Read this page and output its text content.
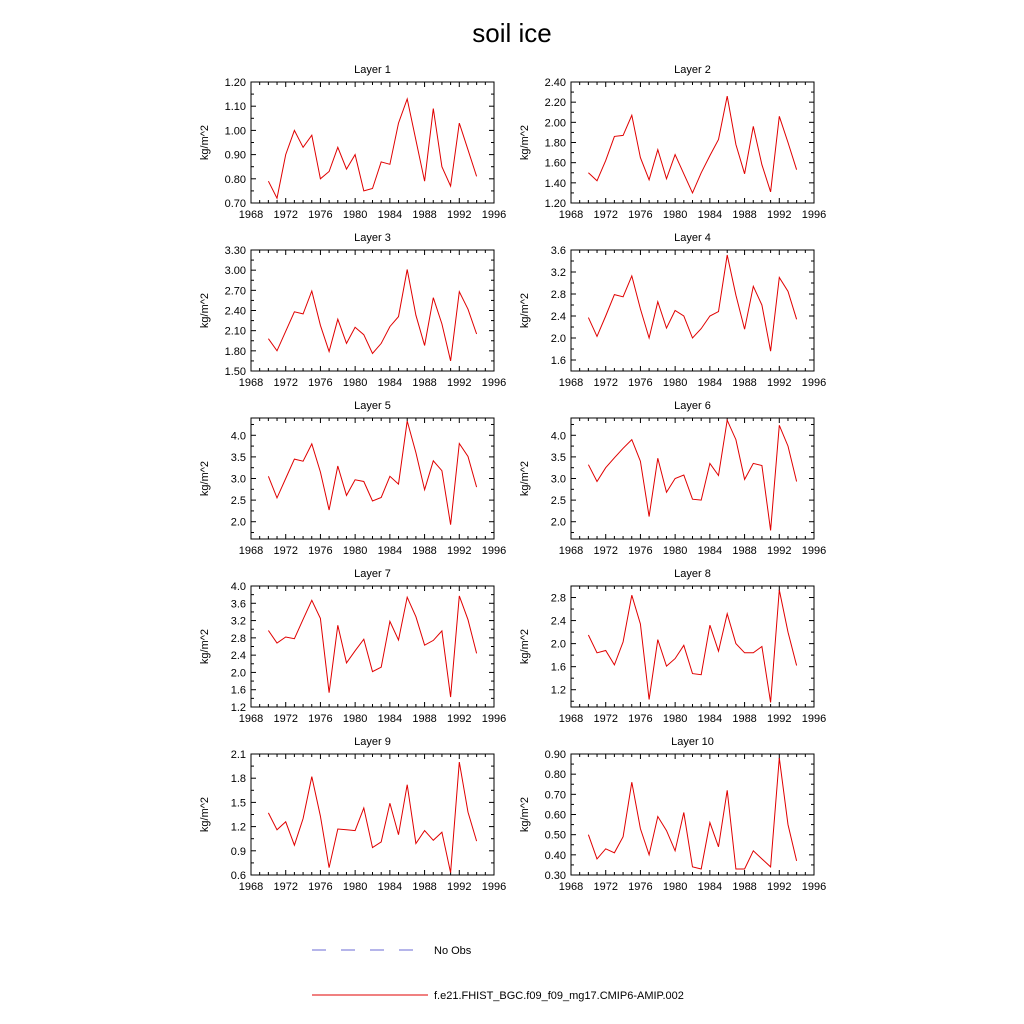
soil ice
Layer 1
1968 1972 1976 1980 1984 1988 1992 1996
0.70
0.80
0.90
1.00
1.10
1.20
kg/m^2
Layer 2
1968 1972 1976 1980 1984 1988 1992 1996
1.20
1.40
1.60
1.80
2.00
2.20
2.40
kg/m^2
Layer 3
1968 1972 1976 1980 1984 1988 1992 1996
1.50
1.80
2.10
2.40
2.70
3.00
3.30
kg/m^2
Layer 4
1968 1972 1976 1980 1984 1988 1992 1996
1.6
2.0
2.4
2.8
3.2
3.6
kg/m^2
Layer 5
1968 1972 1976 1980 1984 1988 1992 1996
2.0
2.5
3.0
3.5
4.0
kg/m^2
Layer 6
1968 1972 1976 1980 1984 1988 1992 1996
2.0
2.5
3.0
3.5
4.0
kg/m^2
Layer 7
1968 1972 1976 1980 1984 1988 1992 1996
1.2
1.6
2.0
2.4
2.8
3.2
3.6
4.0
kg/m^2
Layer 8
1968 1972 1976 1980 1984 1988 1992 1996
1.2
1.6
2.0
2.4
2.8
kg/m^2
Layer 9
1968 1972 1976 1980 1984 1988 1992 1996
0.6
0.9
1.2
1.5
1.8
2.1
kg/m^2
Layer 10
1968 1972 1976 1980 1984 1988 1992 1996
0.30
0.40
0.50
0.60
0.70
0.80
0.90
kg/m^2
No Obs
f.e21.FHIST_BGC.f09_f09_mg17.CMIP6-AMIP.002
